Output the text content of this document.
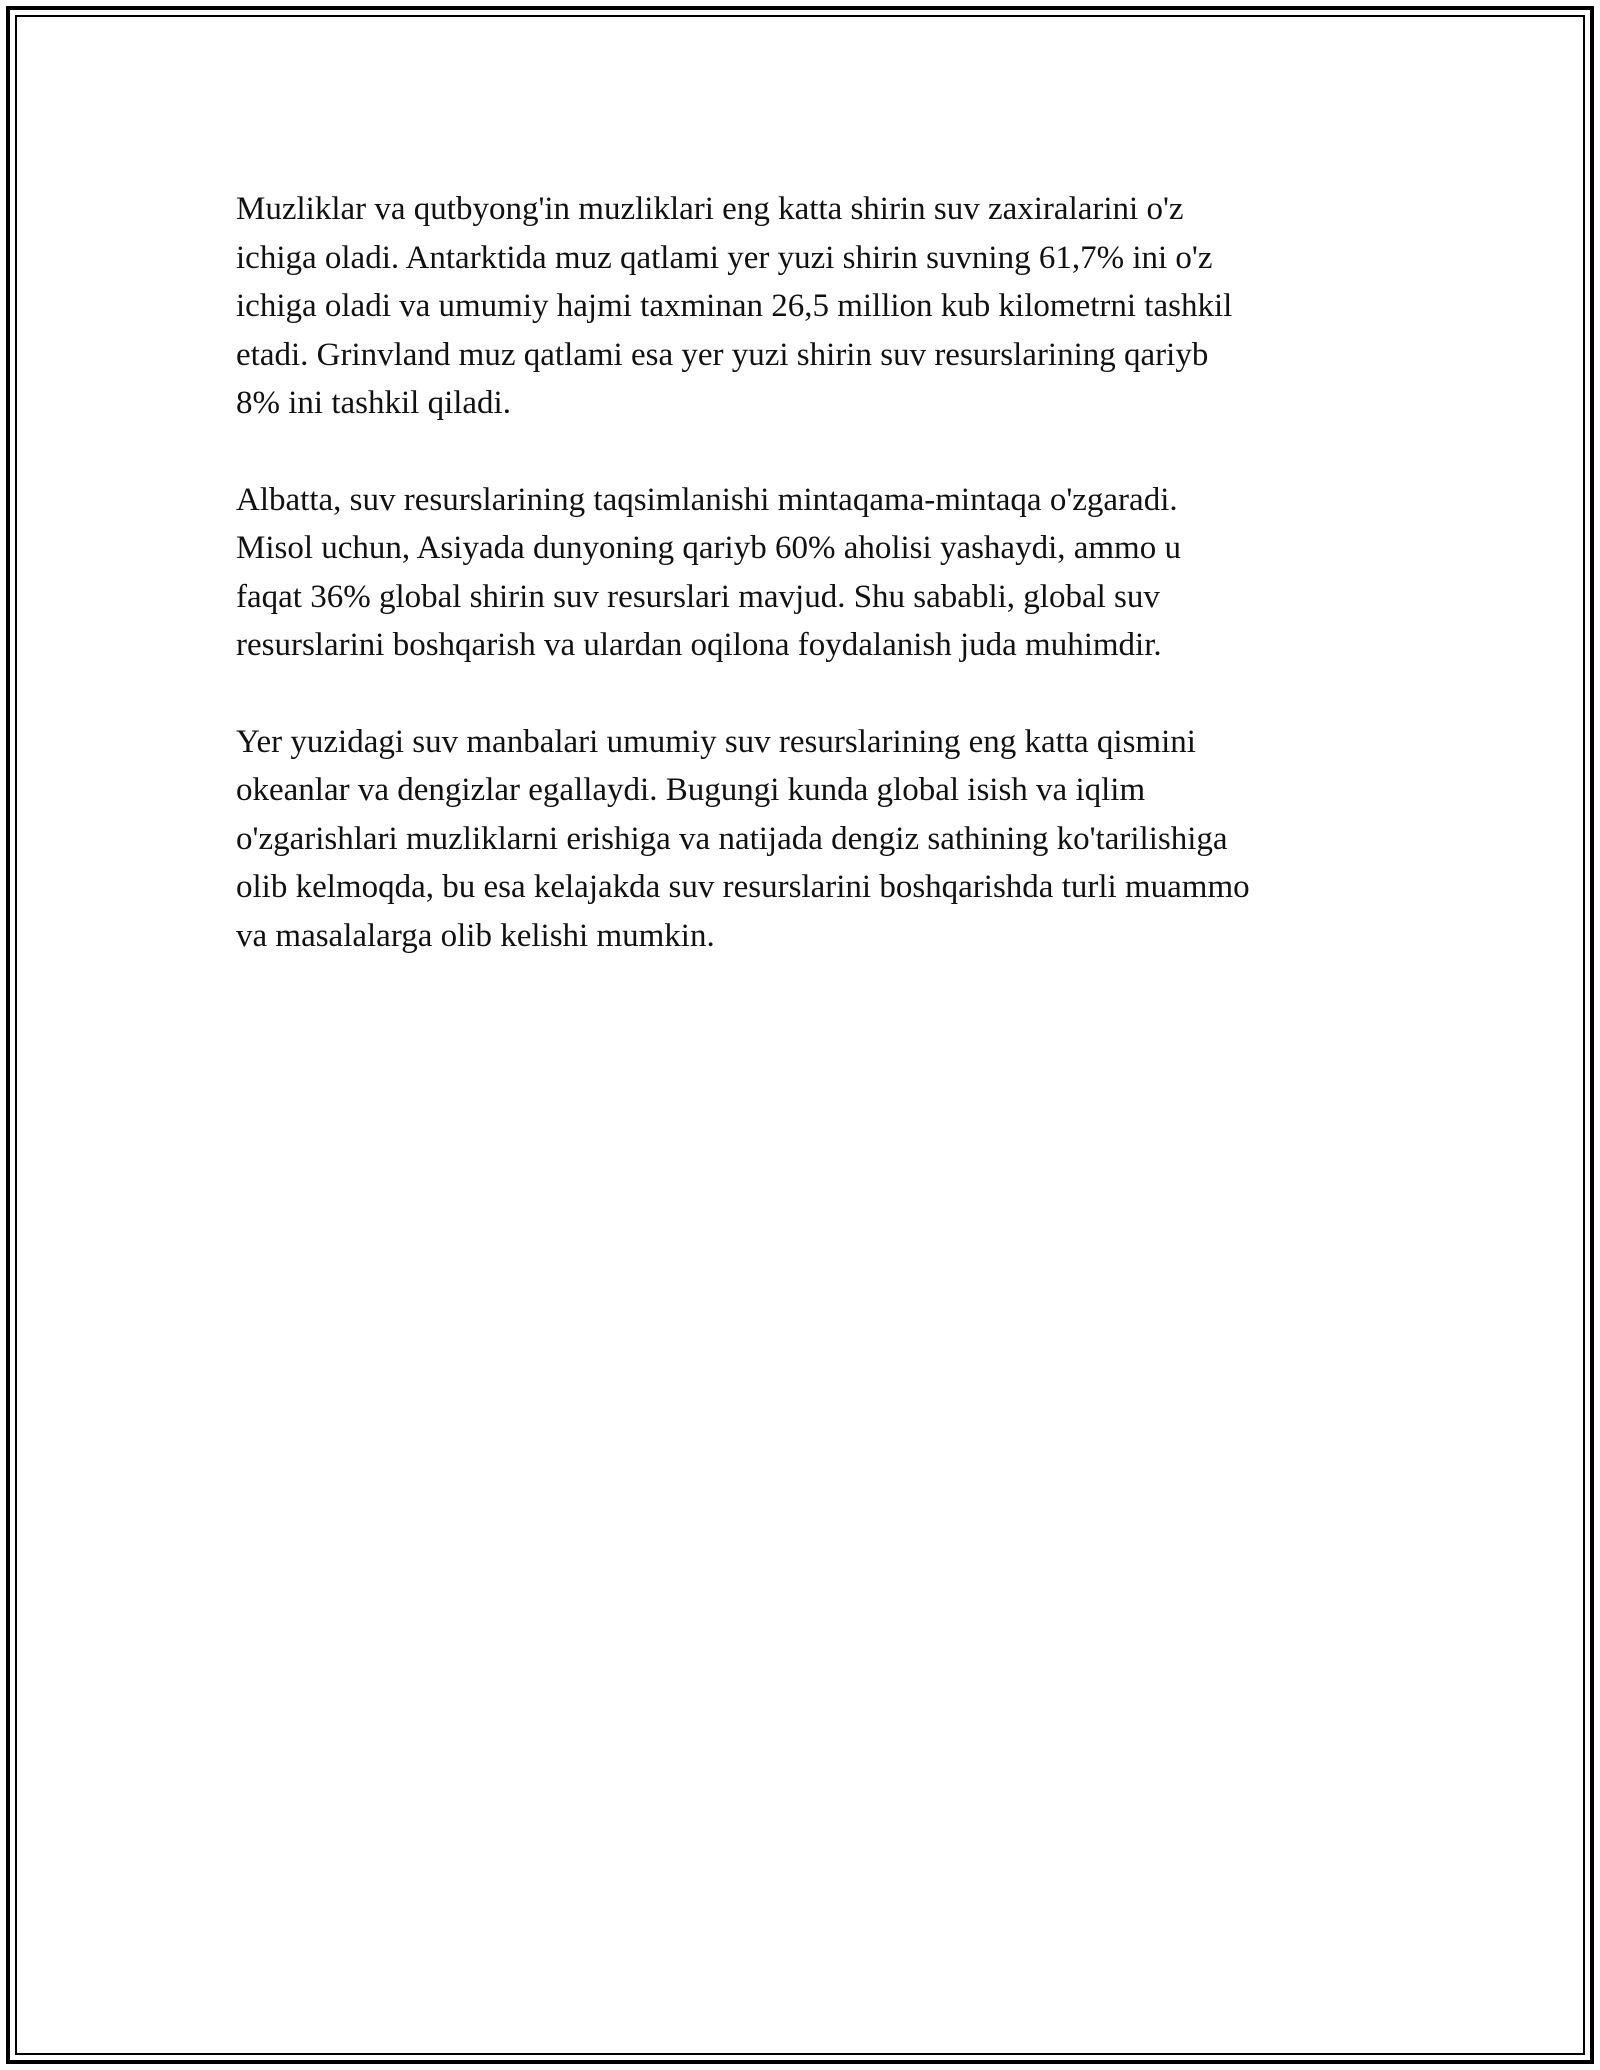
Muzliklar va qutbyong'in muzliklari eng katta shirin suv zaxiralarini o'z
ichiga oladi. Antarktida muz qatlami yer yuzi shirin suvning 61,7% ini o'z
ichiga oladi va umumiy hajmi taxminan 26,5 million kub kilometrni tashkil
etadi. Grinvland muz qatlami esa yer yuzi shirin suv resurslarining qariyb
8% ini tashkil qiladi.

Albatta, suv resurslarining taqsimlanishi mintaqama-mintaqa o'zgaradi.
Misol uchun, Asiyada dunyoning qariyb 60% aholisi yashaydi, ammo u
faqat 36% global shirin suv resurslari mavjud. Shu sababli, global suv
resurslarini boshqarish va ulardan oqilona foydalanish juda muhimdir.

Yer yuzidagi suv manbalari umumiy suv resurslarining eng katta qismini
okeanlar va dengizlar egallaydi. Bugungi kunda global isish va iqlim
o'zgarishlari muzliklarni erishiga va natijada dengiz sathining ko'tarilishiga
olib kelmoqda, bu esa kelajakda suv resurslarini boshqarishda turli muammo
va masalalarga olib kelishi mumkin.
